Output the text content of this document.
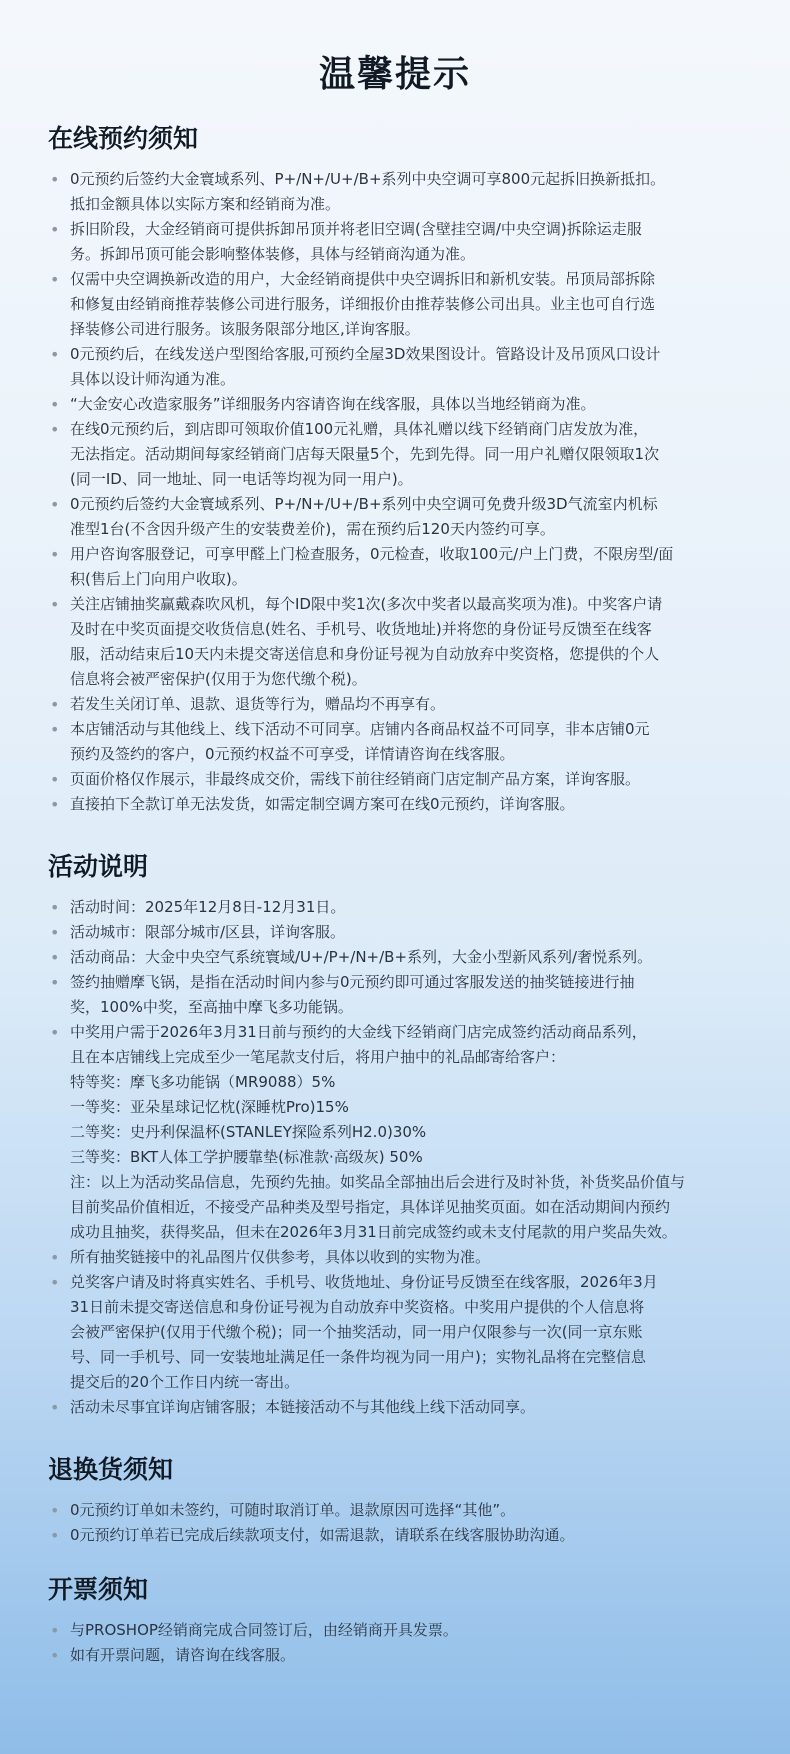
温馨提示
在线预约须知
• 0元预约后签约大金寰域系列、P+/N+/U+/B+系列中央空调可享800元起拆旧换新抵扣。
抵扣金额具体以实际方案和经销商为准。
• 拆旧阶段，大金经销商可提供拆卸吊顶并将老旧空调(含壁挂空调/中央空调)拆除运走服
务。拆卸吊顶可能会影响整体装修，具体与经销商沟通为准。
• 仅需中央空调换新改造的用户，大金经销商提供中央空调拆旧和新机安装。吊顶局部拆除
和修复由经销商推荐装修公司进行服务，详细报价由推荐装修公司出具。业主也可自行选
择装修公司进行服务。该服务限部分地区,详询客服。
• 0元预约后，在线发送户型图给客服,可预约全屋3D效果图设计。管路设计及吊顶风口设计
具体以设计师沟通为准。
• “大金安心改造家服务”详细服务内容请咨询在线客服，具体以当地经销商为准。
• 在线0元预约后，到店即可领取价值100元礼赠，具体礼赠以线下经销商门店发放为准，
无法指定。活动期间每家经销商门店每天限量5个，先到先得。同一用户礼赠仅限领取1次
(同一ID、同一地址、同一电话等均视为同一用户)。
• 0元预约后签约大金寰域系列、P+/N+/U+/B+系列中央空调可免费升级3D气流室内机标
准型1台(不含因升级产生的安装费差价)，需在预约后120天内签约可享。
• 用户咨询客服登记，可享甲醛上门检查服务，0元检查，收取100元/户上门费，不限房型/面
积(售后上门向用户收取)。
• 关注店铺抽奖赢戴森吹风机，每个ID限中奖1次(多次中奖者以最高奖项为准)。中奖客户请
及时在中奖页面提交收货信息(姓名、手机号、收货地址)并将您的身份证号反馈至在线客
服，活动结束后10天内未提交寄送信息和身份证号视为自动放弃中奖资格，您提供的个人
信息将会被严密保护(仅用于为您代缴个税)。
• 若发生关闭订单、退款、退货等行为，赠品均不再享有。
• 本店铺活动与其他线上、线下活动不可同享。店铺内各商品权益不可同享，非本店铺0元
预约及签约的客户，0元预约权益不可享受，详情请咨询在线客服。
• 页面价格仅作展示，非最终成交价，需线下前往经销商门店定制产品方案，详询客服。
• 直接拍下全款订单无法发货，如需定制空调方案可在线0元预约，详询客服。
活动说明
• 活动时间：2025年12月8日-12月31日。
• 活动城市：限部分城市/区县，详询客服。
• 活动商品：大金中央空气系统寰域/U+/P+/N+/B+系列，大金小型新风系列/奢悦系列。
• 签约抽赠摩飞锅，是指在活动时间内参与0元预约即可通过客服发送的抽奖链接进行抽
奖，100%中奖，至高抽中摩飞多功能锅。
• 中奖用户需于2026年3月31日前与预约的大金线下经销商门店完成签约活动商品系列，
且在本店铺线上完成至少一笔尾款支付后，将用户抽中的礼品邮寄给客户：
特等奖：摩飞多功能锅（MR9088）5%
一等奖：亚朵星球记忆枕(深睡枕Pro)15%
二等奖：史丹利保温杯(STANLEY探险系列H2.0)30%
三等奖：BKT人体工学护腰靠垫(标准款·高级灰) 50%
注：以上为活动奖品信息，先预约先抽。如奖品全部抽出后会进行及时补货，补货奖品价值与
目前奖品价值相近，不接受产品种类及型号指定，具体详见抽奖页面。如在活动期间内预约
成功且抽奖，获得奖品，但未在2026年3月31日前完成签约或未支付尾款的用户奖品失效。
• 所有抽奖链接中的礼品图片仅供参考，具体以收到的实物为准。
• 兑奖客户请及时将真实姓名、手机号、收货地址、身份证号反馈至在线客服，2026年3月
31日前未提交寄送信息和身份证号视为自动放弃中奖资格。中奖用户提供的个人信息将
会被严密保护(仅用于代缴个税)；同一个抽奖活动，同一用户仅限参与一次(同一京东账
号、同一手机号、同一安装地址满足任一条件均视为同一用户)；实物礼品将在完整信息
提交后的20个工作日内统一寄出。
• 活动未尽事宜详询店铺客服；本链接活动不与其他线上线下活动同享。
退换货须知
• 0元预约订单如未签约，可随时取消订单。退款原因可选择“其他”。
• 0元预约订单若已完成后续款项支付，如需退款，请联系在线客服协助沟通。
开票须知
• 与PROSHOP经销商完成合同签订后，由经销商开具发票。
• 如有开票问题，请咨询在线客服。
